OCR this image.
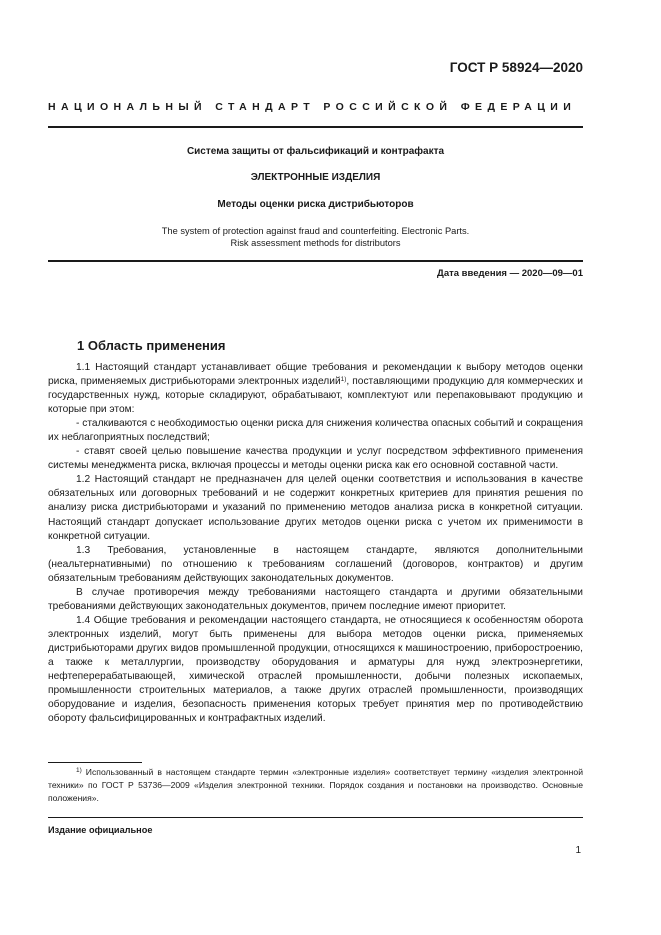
ГОСТ Р 58924—2020
НАЦИОНАЛЬНЫЙ СТАНДАРТ РОССИЙСКОЙ ФЕДЕРАЦИИ
Система защиты от фальсификаций и контрафакта
ЭЛЕКТРОННЫЕ ИЗДЕЛИЯ
Методы оценки риска дистрибьюторов
The system of protection against fraud and counterfeiting. Electronic Parts.
Risk assessment methods for distributors
Дата введения — 2020—09—01
1 Область применения

1.1 Настоящий стандарт устанавливает общие требования и рекомендации к выбору методов оценки риска, применяемых дистрибьюторами электронных изделий$^{1)}$, поставляющими продукцию для коммерческих и государственных нужд, которые складируют, обрабатывают, комплектуют или перепаковывают продукцию и которые при этом:

- сталкиваются с необходимостью оценки риска для снижения количества опасных событий и сокращения их неблагоприятных последствий;

- ставят своей целью повышение качества продукции и услуг посредством эффективного применения системы менеджмента риска, включая процессы и методы оценки риска как его основной составной части.

1.2 Настоящий стандарт не предназначен для целей оценки соответствия и использования в качестве обязательных или договорных требований и не содержит конкретных критериев для принятия решения по анализу риска дистрибьюторами и указаний по применению методов анализа риска в конкретной ситуации. Настоящий стандарт допускает использование других методов оценки риска с учетом их применимости в конкретной ситуации.

1.3 Требования, установленные в настоящем стандарте, являются дополнительными (неальтернативными) по отношению к требованиям соглашений (договоров, контрактов) и другим обязательным требованиям действующих законодательных документов.

В случае противоречия между требованиями настоящего стандарта и другими обязательными требованиями действующих законодательных документов, причем последние имеют приоритет.

1.4 Общие требования и рекомендации настоящего стандарта, не относящиеся к особенностям оборота электронных изделий, могут быть применены для выбора методов оценки риска, применяемых дистрибьюторами других видов промышленной продукции, относящихся к машиностроению, приборостроению, а также к металлургии, производству оборудования и арматуры для нужд электроэнергетики, нефтеперерабатывающей, химической отраслей промышленности, добычи полезных ископаемых, промышленности строительных материалов, а также других отраслей промышленности, производящих оборудование и изделия, безопасность применения которых требует принятия мер по противодействию обороту фальсифицированных и контрафактных изделий.

$^{1)}$ Использованный в настоящем стандарте термин «электронные изделия» соответствует термину «изделия электронной техники» по ГОСТ Р 53736—2009 «Изделия электронной техники. Порядок создания и постановки на производство. Основные положения».

Издание официальное
1
